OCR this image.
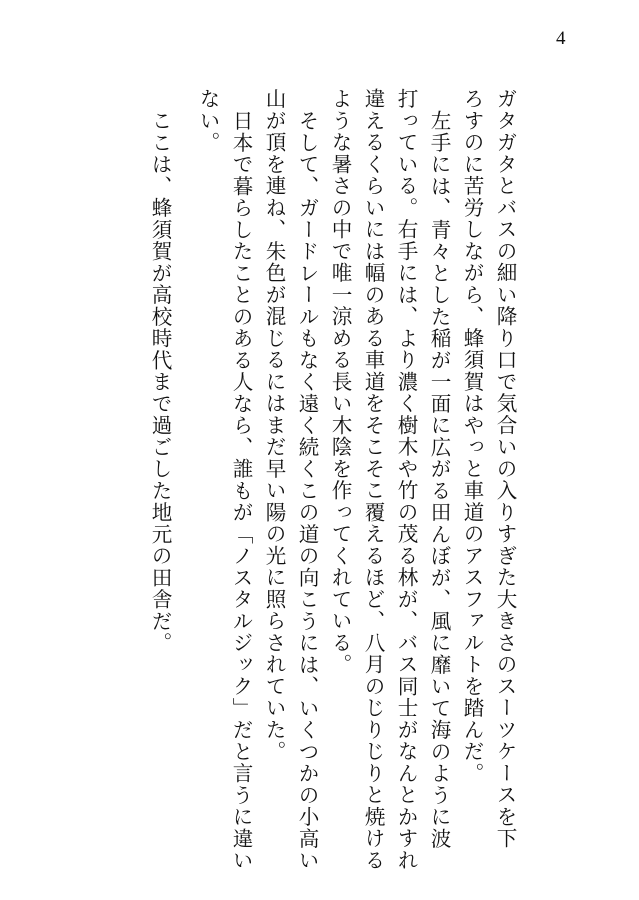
4
ガタガタとバスの細い降り口で気合いの入りすぎた大きさのスーツケースを下
ろすのに苦労しながら、蜂須賀はやっと車道のアスファルトを踏んだ。
左手には、青々とした稲が一面に広がる田んぼが、風に靡いて海のように波
打っている。右手には、より濃く樹木や竹の茂る林が、バス同士がなんとかすれ
違えるくらいには幅のある車道をそこそこ覆えるほど、八月のじりじりと焼ける
ような暑さの中で唯一涼める長い木陰を作ってくれている。
そして、ガードレールもなく遠く続くこの道の向こうには、いくつかの小高い
山が頂を連ね、朱色が混じるにはまだ早い陽の光に照らされていた。
日本で暮らしたことのある人なら、誰もが「ノスタルジック」だと言うに違い
ない。
ここは、蜂須賀が高校時代まで過ごした地元の田舎だ。
